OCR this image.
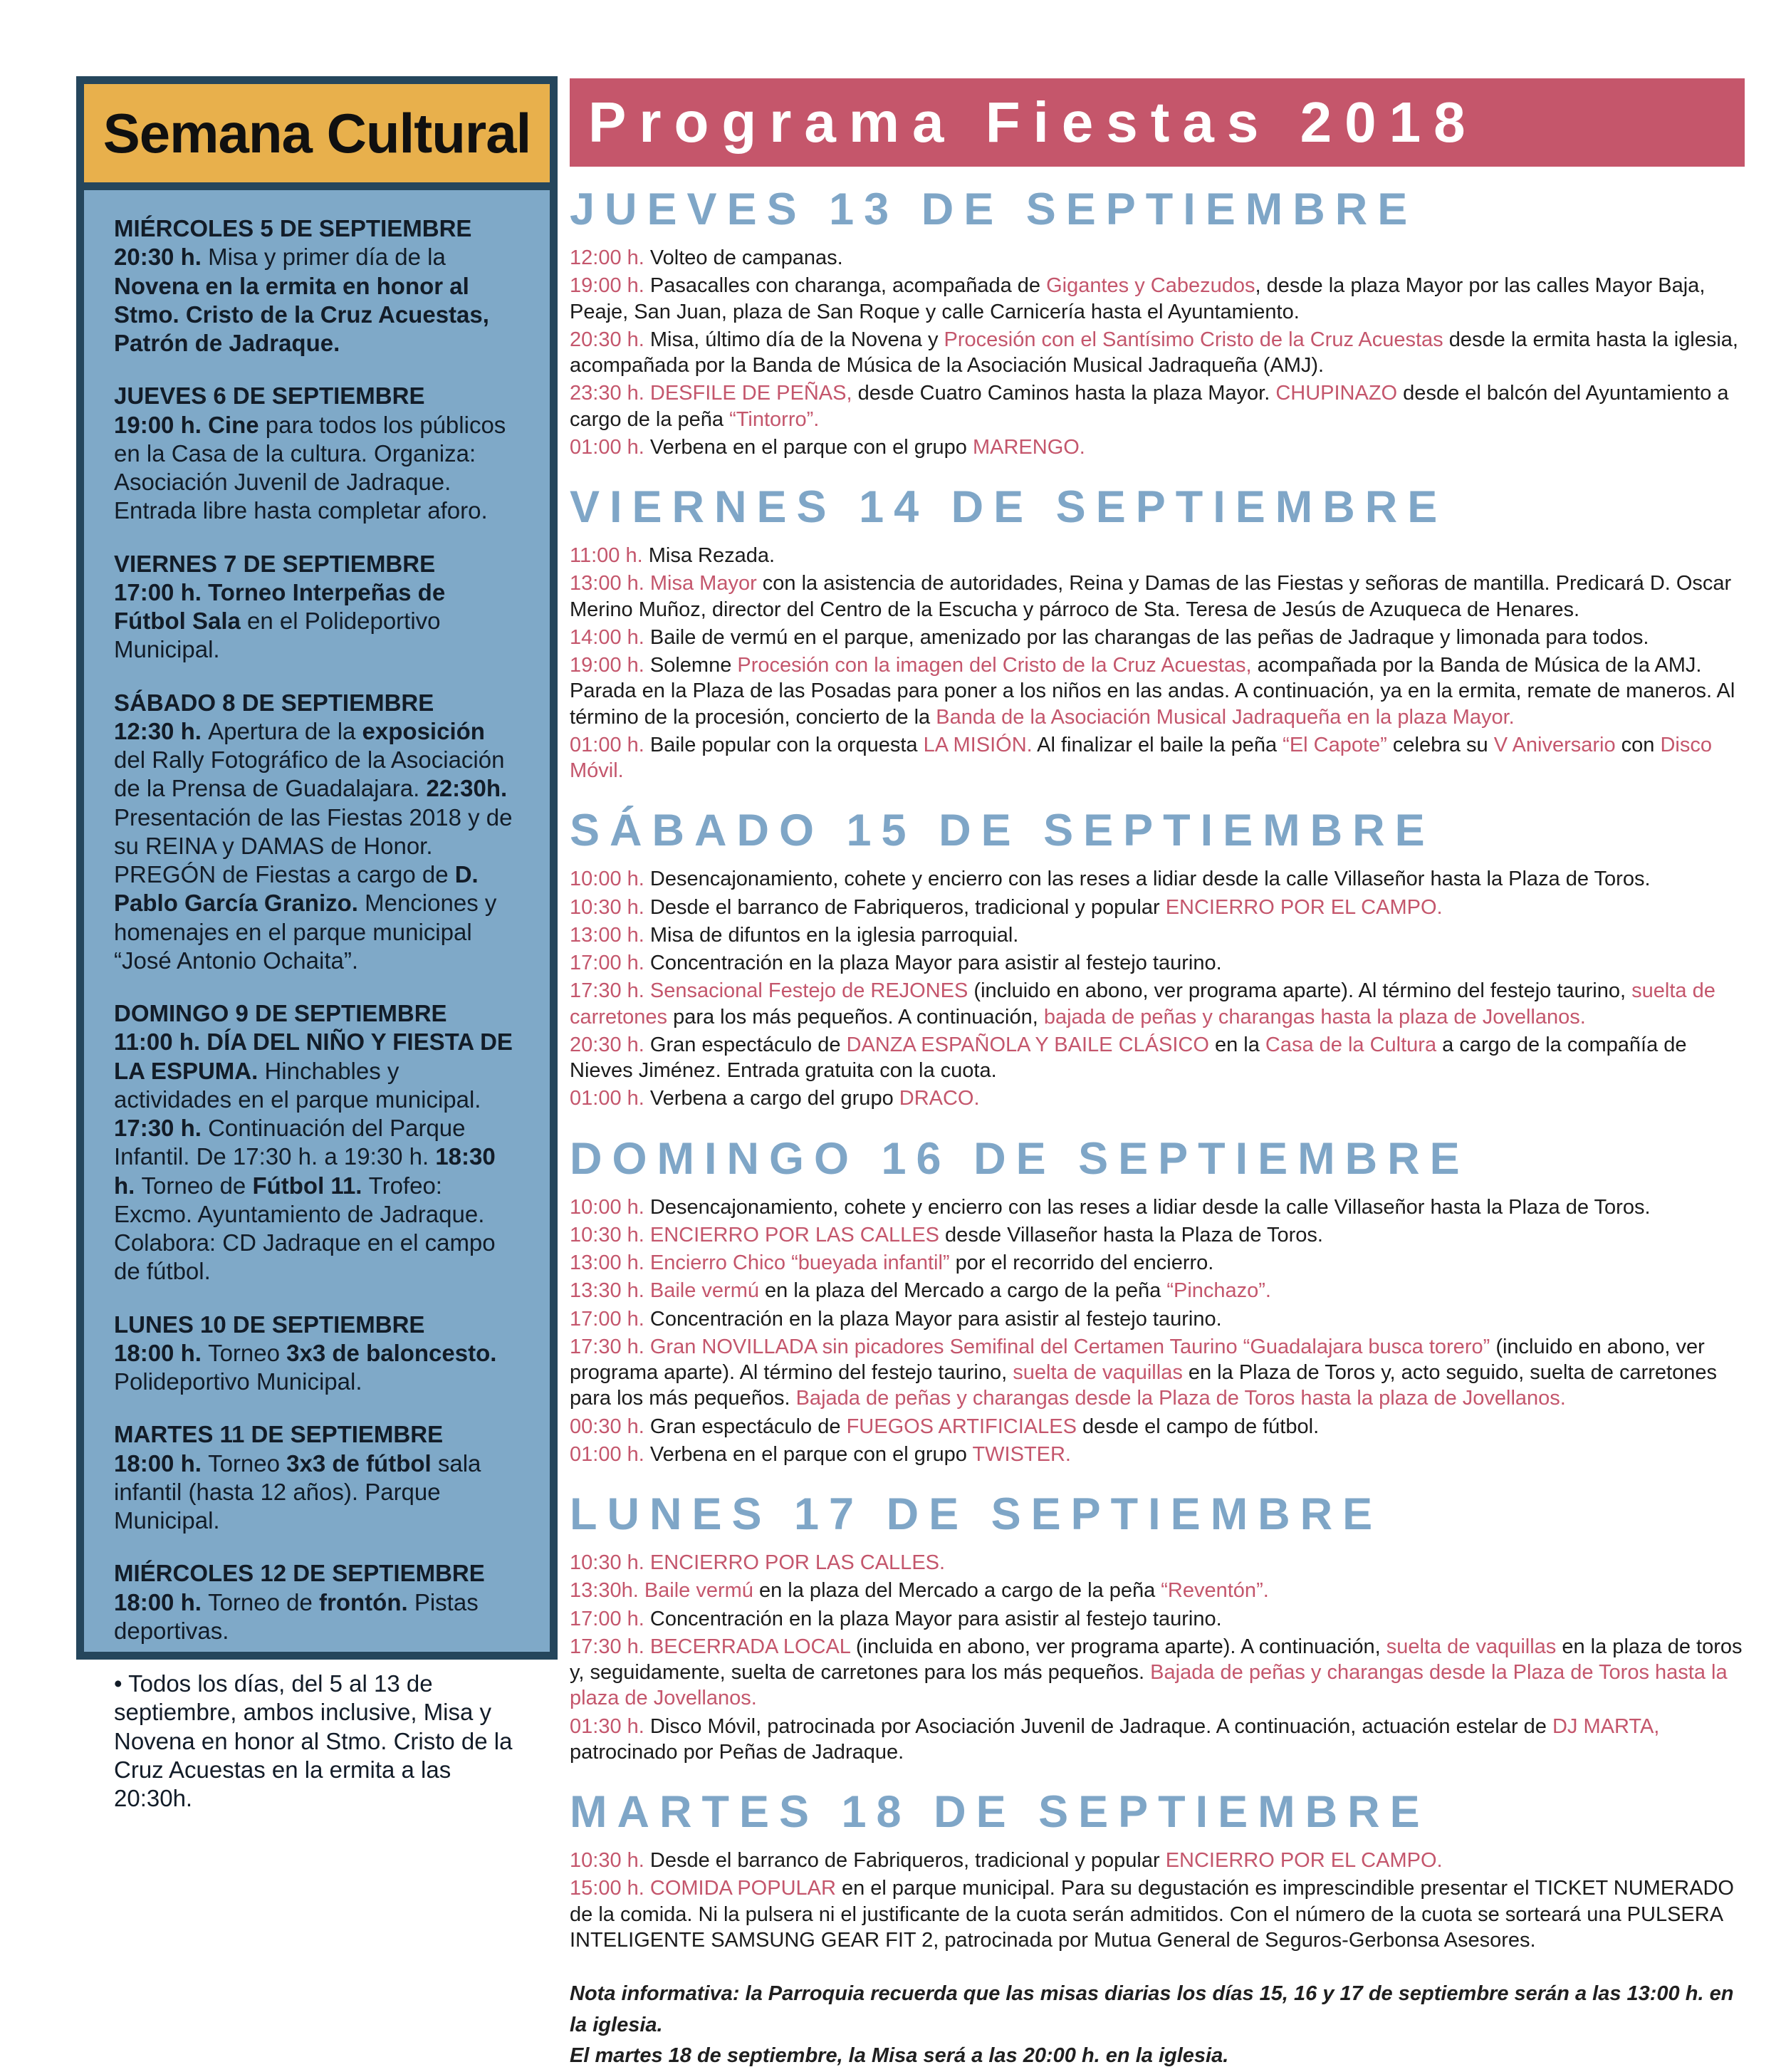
Semana Cultural
MIÉRCOLES 5 DE SEPTIEMBRE
20:30 h. Misa y primer día de la Novena en la ermita en honor al Stmo. Cristo de la Cruz Acuestas, Patrón de Jadraque.
JUEVES 6 DE SEPTIEMBRE
19:00 h. Cine para todos los públicos en la Casa de la cultura. Organiza: Asociación Juvenil de Jadraque. Entrada libre hasta completar aforo.
VIERNES 7 DE SEPTIEMBRE
17:00 h. Torneo Interpeñas de Fútbol Sala en el Polideportivo Municipal.
SÁBADO 8 DE SEPTIEMBRE
12:30 h. Apertura de la exposición del Rally Fotográfico de la Asociación de la Prensa de Guadalajara. 22:30h. Presentación de las Fiestas 2018 y de su REINA y DAMAS de Honor. PREGÓN de Fiestas a cargo de D. Pablo García Granizo. Menciones y homenajes en el parque municipal “José Antonio Ochaita”.
DOMINGO 9 DE SEPTIEMBRE
11:00 h. DÍA DEL NIÑO Y FIESTA DE LA ESPUMA. Hinchables y actividades en el parque municipal. 17:30 h. Continuación del Parque Infantil. De 17:30 h. a 19:30 h. 18:30 h. Torneo de Fútbol 11. Trofeo: Excmo. Ayuntamiento de Jadraque. Colabora: CD Jadraque en el campo de fútbol.
LUNES 10 DE SEPTIEMBRE
18:00 h. Torneo 3x3 de baloncesto. Polideportivo Municipal.
MARTES 11 DE SEPTIEMBRE
18:00 h. Torneo 3x3 de fútbol sala infantil (hasta 12 años). Parque Municipal.
MIÉRCOLES 12 DE SEPTIEMBRE
18:00 h. Torneo de frontón. Pistas deportivas.
• Todos los días, del 5 al 13 de septiembre, ambos inclusive, Misa y Novena en honor al Stmo. Cristo de la Cruz Acuestas en la ermita a las 20:30h.
Programa Fiestas 2018
JUEVES 13 DE SEPTIEMBRE

12:00 h. Volteo de campanas.

19:00 h. Pasacalles con charanga, acompañada de Gigantes y Cabezudos, desde la plaza Mayor por las calles Mayor Baja, Peaje, San Juan, plaza de San Roque y calle Carnicería hasta el Ayuntamiento.

20:30 h. Misa, último día de la Novena y Procesión con el Santísimo Cristo de la Cruz Acuestas desde la ermita hasta la iglesia, acompañada por la Banda de Música de la Asociación Musical Jadraqueña (AMJ).

23:30 h. DESFILE DE PEÑAS, desde Cuatro Caminos hasta la plaza Mayor. CHUPINAZO desde el balcón del Ayuntamiento a cargo de la peña “Tintorro”.

01:00 h. Verbena en el parque con el grupo MARENGO.

VIERNES 14 DE SEPTIEMBRE

11:00 h. Misa Rezada.

13:00 h. Misa Mayor con la asistencia de autoridades, Reina y Damas de las Fiestas y señoras de mantilla. Predicará D. Oscar Merino Muñoz, director del Centro de la Escucha y párroco de Sta. Teresa de Jesús de Azuqueca de Henares.

14:00 h. Baile de vermú en el parque, amenizado por las charangas de las peñas de Jadraque y limonada para todos.

19:00 h. Solemne Procesión con la imagen del Cristo de la Cruz Acuestas, acompañada por la Banda de Música de la AMJ. Parada en la Plaza de las Posadas para poner a los niños en las andas. A continuación, ya en la ermita, remate de maneros. Al término de la procesión, concierto de la Banda de la Asociación Musical Jadraqueña en la plaza Mayor.

01:00 h. Baile popular con la orquesta LA MISIÓN. Al finalizar el baile la peña “El Capote” celebra su V Aniversario con Disco Móvil.

SÁBADO 15 DE SEPTIEMBRE

10:00 h. Desencajonamiento, cohete y encierro con las reses a lidiar desde la calle Villaseñor hasta la Plaza de Toros.

10:30 h. Desde el barranco de Fabriqueros, tradicional y popular ENCIERRO POR EL CAMPO.

13:00 h. Misa de difuntos en la iglesia parroquial.

17:00 h. Concentración en la plaza Mayor para asistir al festejo taurino.

17:30 h. Sensacional Festejo de REJONES (incluido en abono, ver programa aparte). Al término del festejo taurino, suelta de carretones para los más pequeños. A continuación, bajada de peñas y charangas hasta la plaza de Jovellanos.

20:30 h. Gran espectáculo de DANZA ESPAÑOLA Y BAILE CLÁSICO en la Casa de la Cultura a cargo de la compañía de Nieves Jiménez. Entrada gratuita con la cuota.

01:00 h. Verbena a cargo del grupo DRACO.

DOMINGO 16 DE SEPTIEMBRE

10:00 h. Desencajonamiento, cohete y encierro con las reses a lidiar desde la calle Villaseñor hasta la Plaza de Toros.

10:30 h. ENCIERRO POR LAS CALLES desde Villaseñor hasta la Plaza de Toros.

13:00 h. Encierro Chico “bueyada infantil” por el recorrido del encierro.

13:30 h. Baile vermú en la plaza del Mercado a cargo de la peña “Pinchazo”.

17:00 h. Concentración en la plaza Mayor para asistir al festejo taurino.

17:30 h. Gran NOVILLADA sin picadores Semifinal del Certamen Taurino “Guadalajara busca torero” (incluido en abono, ver programa aparte). Al término del festejo taurino, suelta de vaquillas en la Plaza de Toros y, acto seguido, suelta de carretones para los más pequeños. Bajada de peñas y charangas desde la Plaza de Toros hasta la plaza de Jovellanos.

00:30 h. Gran espectáculo de FUEGOS ARTIFICIALES desde el campo de fútbol.

01:00 h. Verbena en el parque con el grupo TWISTER.

LUNES 17 DE SEPTIEMBRE

10:30 h. ENCIERRO POR LAS CALLES.

13:30h. Baile vermú en la plaza del Mercado a cargo de la peña “Reventón”.

17:00 h. Concentración en la plaza Mayor para asistir al festejo taurino.

17:30 h. BECERRADA LOCAL (incluida en abono, ver programa aparte). A continuación, suelta de vaquillas en la plaza de toros y, seguidamente, suelta de carretones para los más pequeños. Bajada de peñas y charangas desde la Plaza de Toros hasta la plaza de Jovellanos.

01:30 h. Disco Móvil, patrocinada por Asociación Juvenil de Jadraque. A continuación, actuación estelar de DJ MARTA, patrocinado por Peñas de Jadraque.

MARTES 18 DE SEPTIEMBRE

10:30 h. Desde el barranco de Fabriqueros, tradicional y popular ENCIERRO POR EL CAMPO.

15:00 h. COMIDA POPULAR en el parque municipal. Para su degustación es imprescindible presentar el TICKET NUMERADO de la comida. Ni la pulsera ni el justificante de la cuota serán admitidos. Con el número de la cuota se sorteará una PULSERA INTELIGENTE SAMSUNG GEAR FIT 2, patrocinada por Mutua General de Seguros-Gerbonsa Asesores.

Nota informativa: la Parroquia recuerda que las misas diarias los días 15, 16 y 17 de septiembre serán a las 13:00 h. en la iglesia.
El martes 18 de septiembre, la Misa será a las 20:00 h. en la iglesia.
